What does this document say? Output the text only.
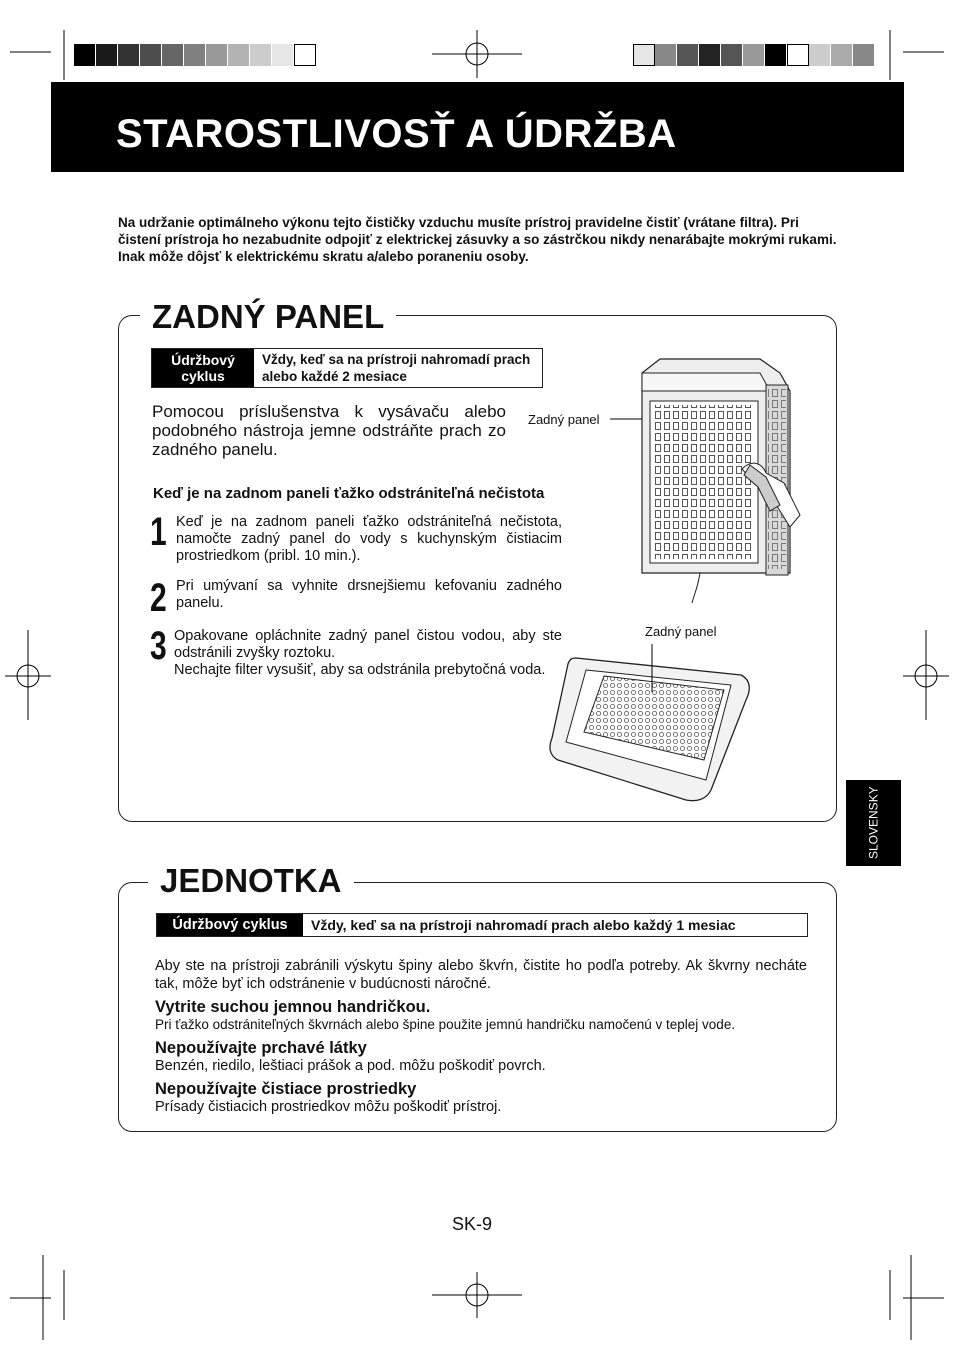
STAROSTLIVOSŤ A ÚDRŽBA
Na udržanie optimálneho výkonu tejto čističky vzduchu musíte prístroj pravidelne čistiť (vrátane filtra). Pri čistení prístroja ho nezabudnite odpojiť z elektrickej zásuvky a so zástrčkou nikdy nenarábajte mokrými rukami. Inak môže dôjsť k elektrickému skratu a/alebo poraneniu osoby.
ZADNÝ PANEL
Údržbový cyklus
Vždy, keď sa na prístroji nahromadí prach alebo každé 2 mesiace
Pomocou príslušenstva k vysávaču alebo podobného nástroja jemne odstráňte prach zo zadného panelu.
Keď je na zadnom paneli ťažko odstrániteľná nečistota
1 Keď je na zadnom paneli ťažko odstrániteľná nečistota, namočte zadný panel do vody s kuchynským čistiacim prostriedkom (pribl. 10 min.).
2 Pri umývaní sa vyhnite drsnejšiemu kefovaniu zadného panelu.
3 Opakovane opláchnite zadný panel čistou vodou, aby ste odstránili zvyšky roztoku.
Nechajte filter vysušiť, aby sa odstránila prebytočná voda.
Zadný panel
Zadný panel
SLOVENSKY
JEDNOTKA
Údržbový cyklus	Vždy, keď sa na prístroji nahromadí prach alebo každý 1 mesiac
Aby ste na prístroji zabránili výskytu špiny alebo škvŕn, čistite ho podľa potreby. Ak škvrny necháte tak, môže byť ich odstránenie v budúcnosti náročné.
Vytrite suchou jemnou handričkou.
Pri ťažko odstrániteľných škvrnách alebo špine použite jemnú handričku namočenú v teplej vode.
Nepoužívajte prchavé látky
Benzén, riedilo, leštiaci prášok a pod. môžu poškodiť povrch.
Nepoužívajte čistiace prostriedky
Prísady čistiacich prostriedkov môžu poškodiť prístroj.
SK-9
